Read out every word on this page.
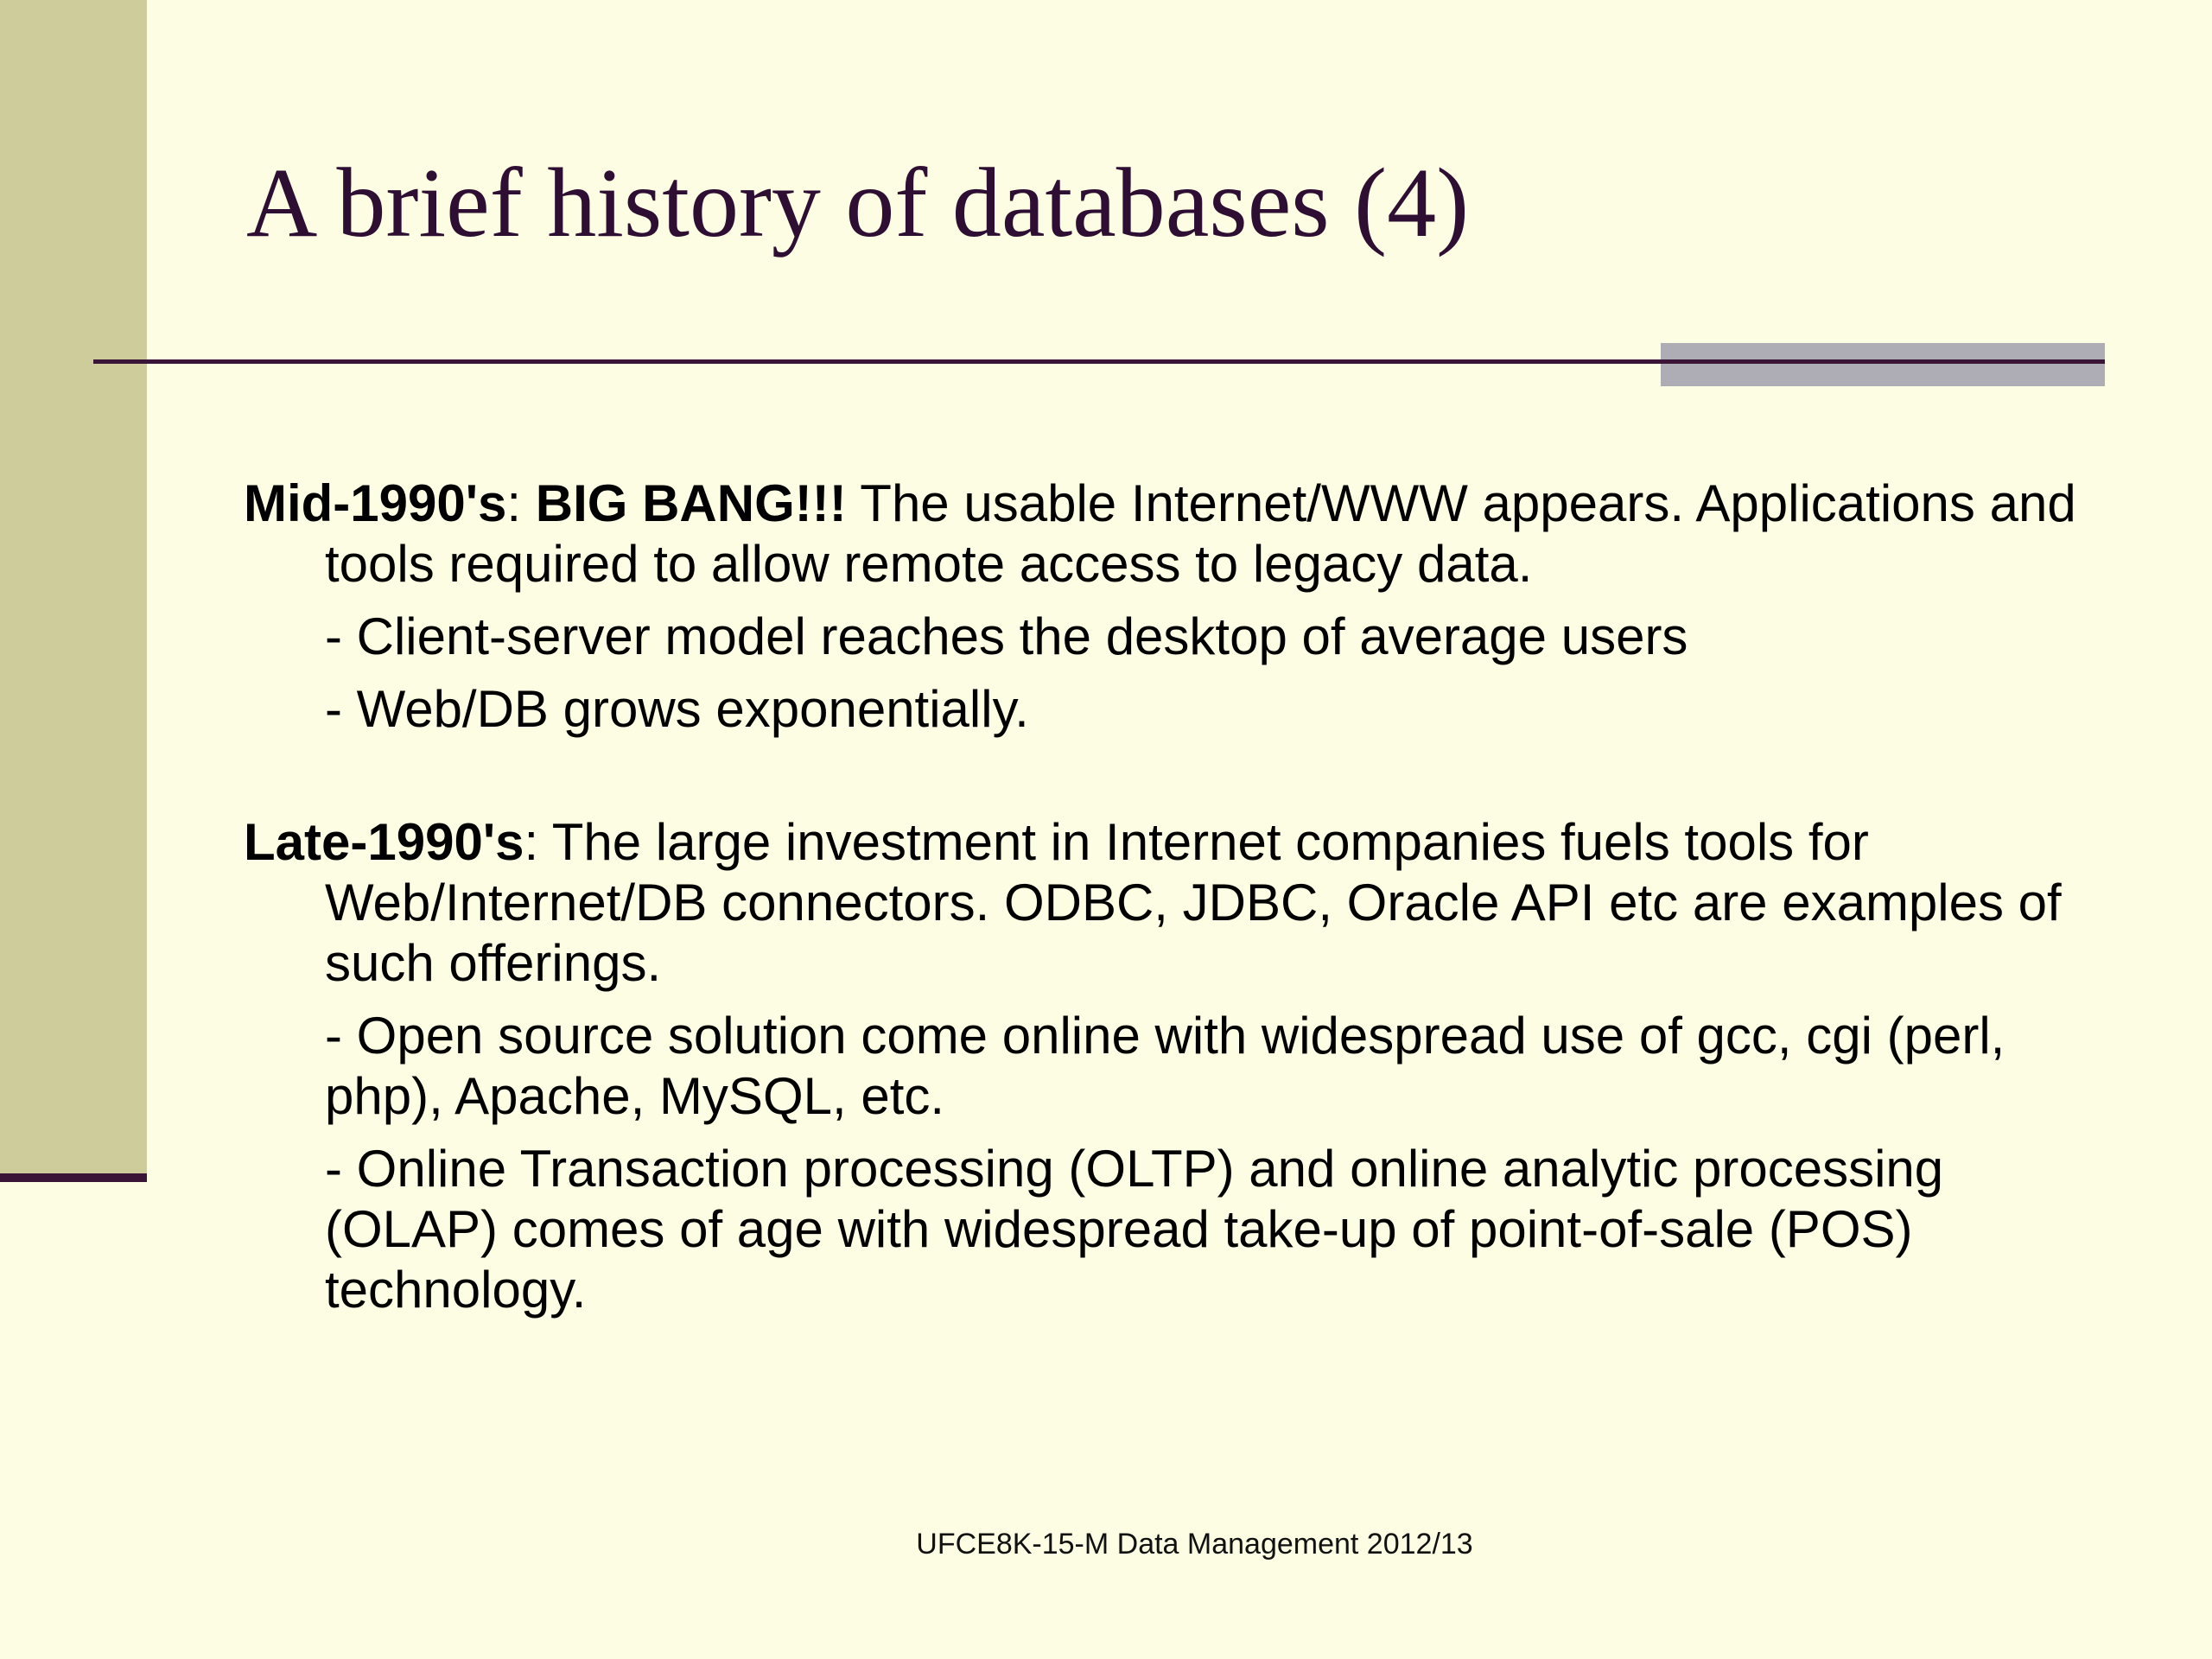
A brief history of databases (4)

Mid-1990's: BIG BANG!!! The usable Internet/WWW appears. Applications and tools required to allow remote access to legacy data.

- Client-server model reaches the desktop of average users

- Web/DB grows exponentially.

Late-1990's: The large investment in Internet companies fuels tools for Web/Internet/DB connectors. ODBC, JDBC, Oracle API etc are examples of such offerings.

- Open source solution come online with widespread use of gcc, cgi (perl, php), Apache, MySQL, etc.

- Online Transaction processing (OLTP) and online analytic processing (OLAP) comes of age with widespread take-up of point-of-sale (POS) technology.

UFCE8K-15-M Data Management 2012/13
